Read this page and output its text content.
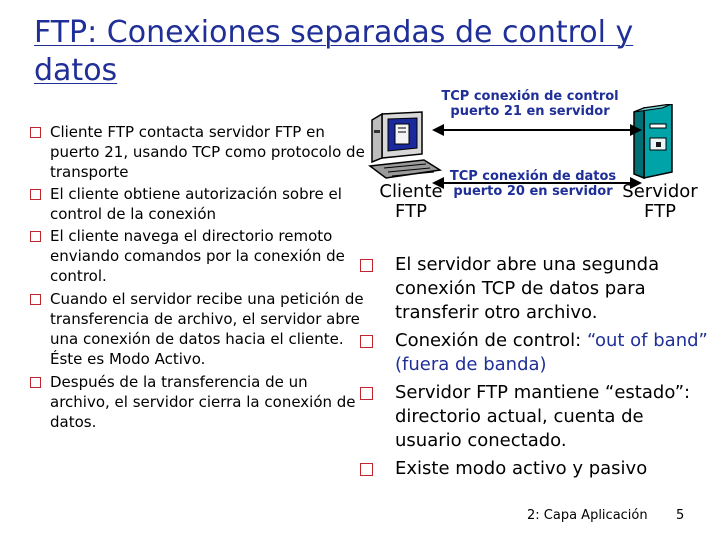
FTP: Conexiones separadas de control y datos
Cliente FTP contacta servidor FTP en puerto 21, usando TCP como protocolo de transporte
El cliente obtiene autorización sobre el control de la conexión
El cliente navega el directorio remoto enviando comandos por la conexión de control.
Cuando el servidor recibe una petición de transferencia de archivo, el servidor abre una conexión de datos hacia el cliente. Éste es Modo Activo.
Después de la transferencia de un archivo, el servidor cierra la conexión de datos.
TCP conexión de control
puerto 21 en servidor
TCP conexión de datos
puerto 20 en servidor
Cliente
FTP
Servidor
FTP
El servidor abre una segunda conexión TCP de datos para transferir otro archivo.
Conexión de control: “out of band” (fuera de banda)
Servidor FTP mantiene “estado”: directorio actual, cuenta de usuario conectado.
Existe modo activo y pasivo
2: Capa Aplicación 5
